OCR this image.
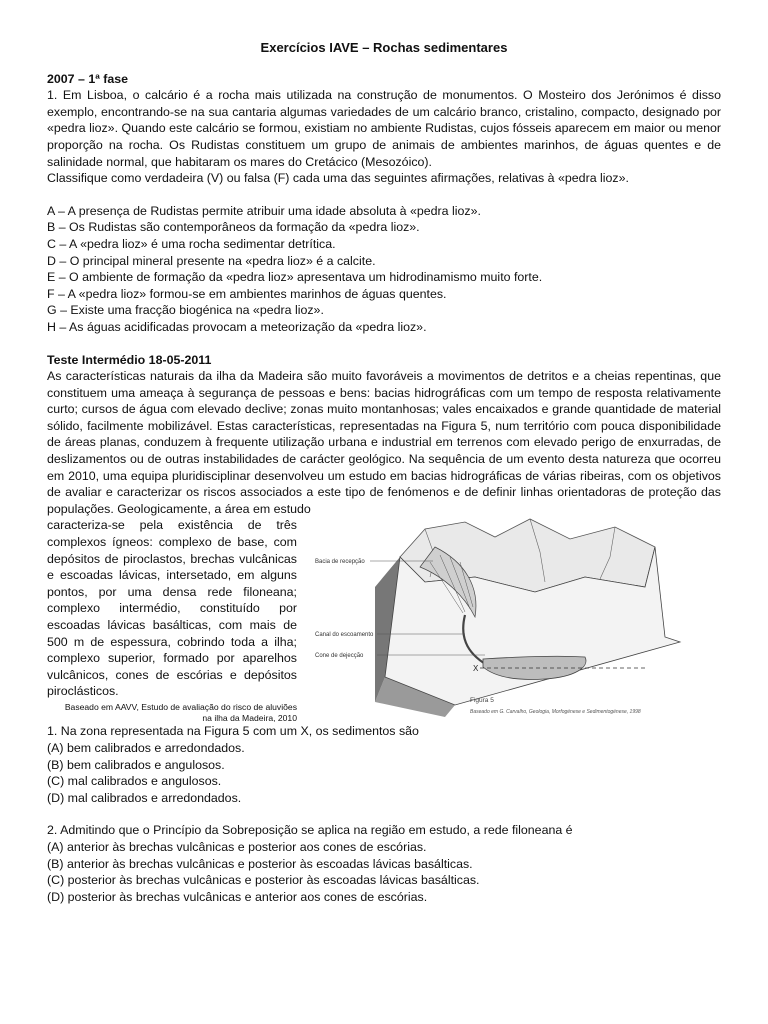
Exercícios IAVE – Rochas sedimentares
2007 – 1ª fase

1. Em Lisboa, o calcário é a rocha mais utilizada na construção de monumentos. O Mosteiro dos Jerónimos é disso exemplo, encontrando-se na sua cantaria algumas variedades de um calcário branco, cristalino, compacto, designado por «pedra lioz». Quando este calcário se formou, existiam no ambiente Rudistas, cujos fósseis aparecem em maior ou menor proporção na rocha. Os Rudistas constituem um grupo de animais de ambientes marinhos, de águas quentes e de salinidade normal, que habitaram os mares do Cretácico (Mesozóico).

Classifique como verdadeira (V) ou falsa (F) cada uma das seguintes afirmações, relativas à «pedra lioz».

A – A presença de Rudistas permite atribuir uma idade absoluta à «pedra lioz».
B – Os Rudistas são contemporâneos da formação da «pedra lioz».
C – A «pedra lioz» é uma rocha sedimentar detrítica.
D – O principal mineral presente na «pedra lioz» é a calcite.
E – O ambiente de formação da «pedra lioz» apresentava um hidrodinamismo muito forte.
F – A «pedra lioz» formou-se em ambientes marinhos de águas quentes.
G – Existe uma fracção biogénica na «pedra lioz».
H – As águas acidificadas provocam a meteorização da «pedra lioz».
Teste Intermédio 18-05-2011

As características naturais da ilha da Madeira são muito favoráveis a movimentos de detritos e a cheias repentinas, que constituem uma ameaça à segurança de pessoas e bens: bacias hidrográficas com um tempo de resposta relativamente curto; cursos de água com elevado declive; zonas muito montanhosas; vales encaixados e grande quantidade de material sólido, facilmente mobilizável. Estas características, representadas na Figura 5, num território com pouca disponibilidade de áreas planas, conduzem à frequente utilização urbana e industrial em terrenos com elevado perigo de enxurradas, de deslizamentos ou de outras instabilidades de carácter geológico. Na sequência de um evento desta natureza que ocorreu em 2010, uma equipa pluridisciplinar desenvolveu um estudo em bacias hidrográficas de várias ribeiras, com os objetivos de avaliar e caracterizar os riscos associados a este tipo de fenómenos e de definir linhas orientadoras de proteção das populações. Geologicamente, a área em estudo

caracteriza-se pela existência de três complexos ígneos: complexo de base, com depósitos de piroclastos, brechas vulcânicas e escoadas lávicas, intersetado, em alguns pontos, por uma densa rede filoneana; complexo intermédio, constituído por escoadas lávicas basálticas, com mais de 500 m de espessura, cobrindo toda a ilha; complexo superior, formado por aparelhos vulcânicos, cones de escórias e depósitos piroclásticos.

Baseado em AAVV, Estudo de avaliação do risco de aluviões
na ilha da Madeira, 2010
X
Bacia de recepção
Canal do escoamento
Cone de dejecção
Figura 5
Baseado em G. Carvalho, Geologia, Morfogénese e Sedimentogénese, 1998
1. Na zona representada na Figura 5 com um X, os sedimentos são
(A) bem calibrados e arredondados.
(B) bem calibrados e angulosos.
(C) mal calibrados e angulosos.
(D) mal calibrados e arredondados.
2. Admitindo que o Princípio da Sobreposição se aplica na região em estudo, a rede filoneana é
(A) anterior às brechas vulcânicas e posterior aos cones de escórias.
(B) anterior às brechas vulcânicas e posterior às escoadas lávicas basálticas.
(C) posterior às brechas vulcânicas e posterior às escoadas lávicas basálticas.
(D) posterior às brechas vulcânicas e anterior aos cones de escórias.
